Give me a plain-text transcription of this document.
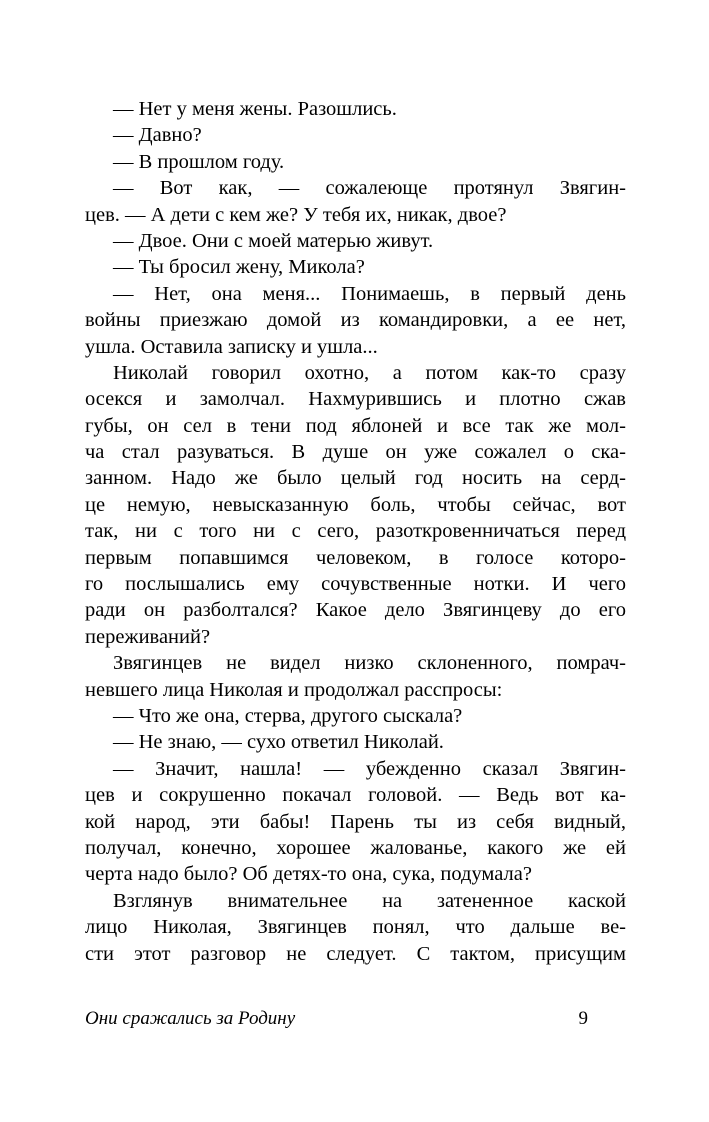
— Нет у меня жены. Разошлись.
— Давно?
— В прошлом году.
— Вот как, — сожалеюще протянул Звягин-
цев. — А дети с кем же? У тебя их, никак, двое?
— Двое. Они с моей матерью живут.
— Ты бросил жену, Микола?
— Нет, она меня... Понимаешь, в первый день
войны приезжаю домой из командировки, а ее нет,
ушла. Оставила записку и ушла...
Николай говорил охотно, а потом как-то сразу
осекся и замолчал. Нахмурившись и плотно сжав
губы, он сел в тени под яблоней и все так же мол-
ча стал разуваться. В душе он уже сожалел о ска-
занном. Надо же было целый год носить на серд-
це немую, невысказанную боль, чтобы сейчас, вот
так, ни с того ни с сего, разоткровенничаться перед
первым попавшимся человеком, в голосе которо-
го послышались ему сочувственные нотки. И чего
ради он разболтался? Какое дело Звягинцеву до его
переживаний?
Звягинцев не видел низко склоненного, помрач-
невшего лица Николая и продолжал расспросы:
— Что же она, стерва, другого сыскала?
— Не знаю, — сухо ответил Николай.
— Значит, нашла! — убежденно сказал Звягин-
цев и сокрушенно покачал головой. — Ведь вот ка-
кой народ, эти бабы! Парень ты из себя видный,
получал, конечно, хорошее жалованье, какого же ей
черта надо было? Об детях-то она, сука, подумала?
Взглянув внимательнее на затененное каской
лицо Николая, Звягинцев понял, что дальше ве-
сти этот разговор не следует. С тактом, присущим
Они сражались за Родину	9
